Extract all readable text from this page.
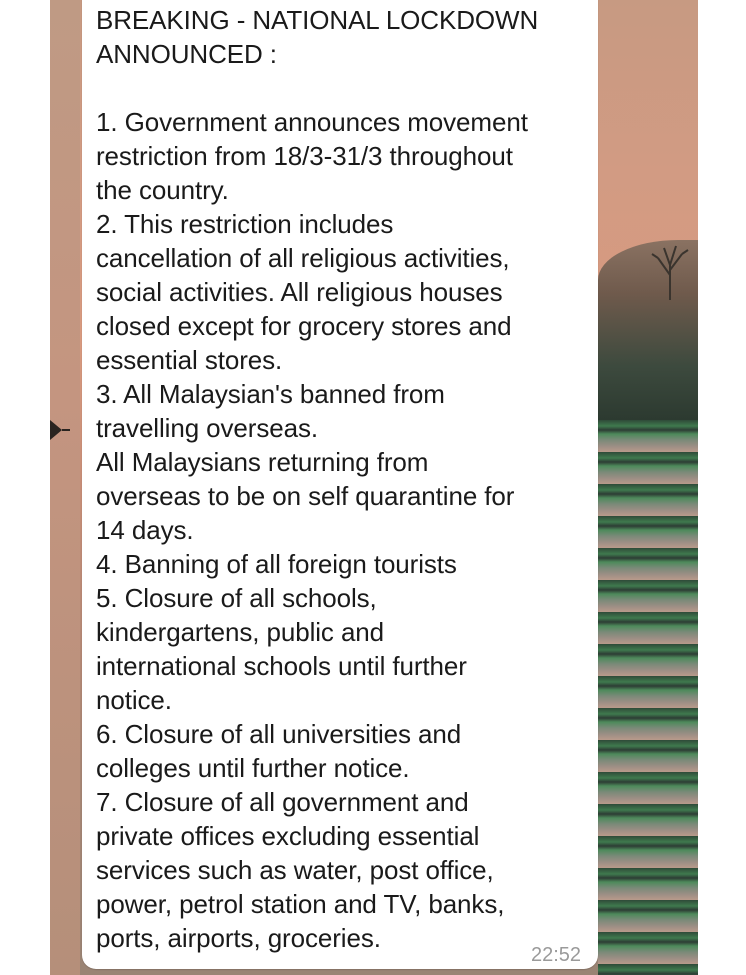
BREAKING - NATIONAL LOCKDOWN
ANNOUNCED :

1. Government announces movement
restriction from 18/3-31/3 throughout
the country.
2. This restriction includes
cancellation of all religious activities,
social activities. All religious houses
closed except for grocery stores and
essential stores.
3. All Malaysian's banned from
travelling overseas.
All Malaysians returning from
overseas to be on self quarantine for
14 days.
4. Banning of all foreign tourists
5. Closure of all schools,
kindergartens, public and
international schools until further
notice.
6. Closure of all universities and
colleges until further notice.
7. Closure of all government and
private offices excluding essential
services such as water, post office,
power, petrol station and TV, banks,
ports, airports, groceries.

22:52
